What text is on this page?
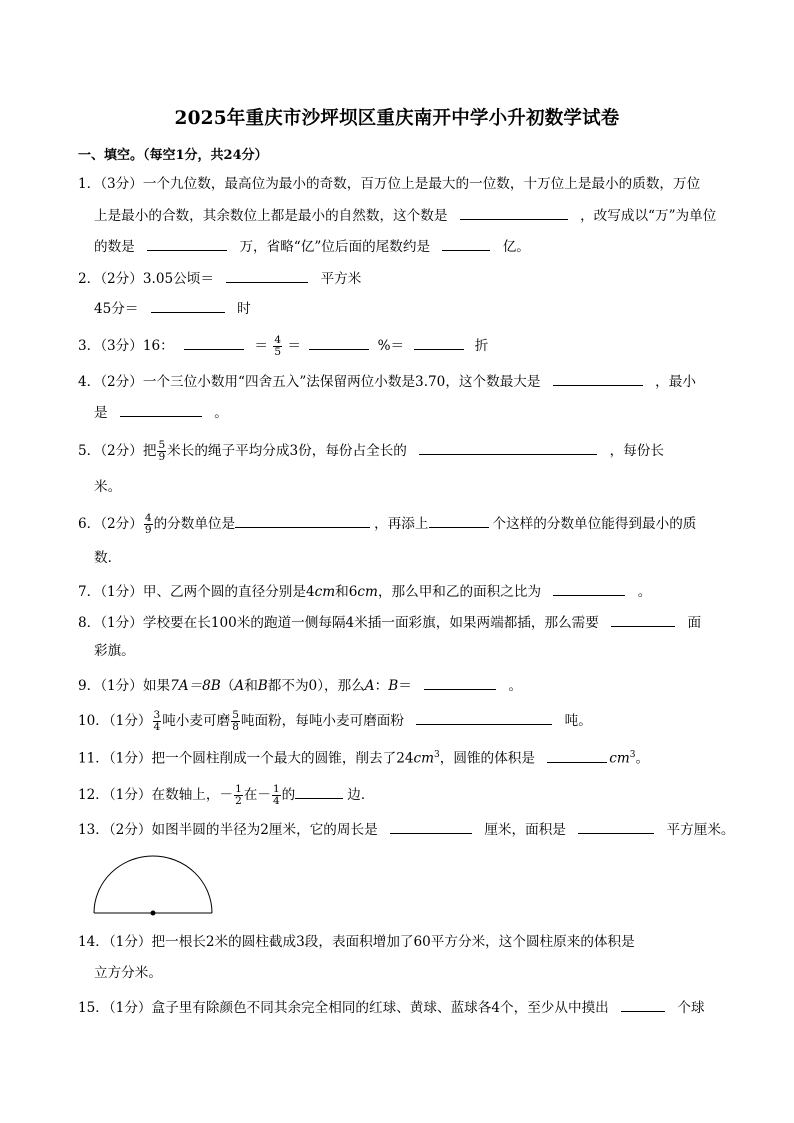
2025年重庆市沙坪坝区重庆南开中学小升初数学试卷
一、填空。（每空1分，共24分）
1．（3分）一个九位数，最高位为最小的奇数，百万位上是最大的一位数，十万位上是最小的质数，万位
上是最小的合数，其余数位上都是最小的自然数，这个数是	，改写成以“万”为单位
的数是	万，省略“亿”位后面的尾数约是	亿。
2．（2分）3.05公顷＝	平方米
45分＝	时
3．（3分）16：	＝ $\frac{4}{5}$ ＝	%＝	折
4．（2分）一个三位小数用“四舍五入”法保留两位小数是3.70，这个数最大是	，最小
是	。
5．（2分）把 $\frac{5}{9}$ 米长的绳子平均分成3份，每份占全长的	，每份长
米。
6．（2分） $\frac{4}{9}$ 的分数单位是	，再添上	个这样的分数单位能得到最小的质
数．
7．（1分）甲、乙两个圆的直径分别是4cm和6cm，那么甲和乙的面积之比为	。
8．（1分）学校要在长100米的跑道一侧每隔4米插一面彩旗，如果两端都插，那么需要	面
彩旗。
9．（1分）如果7A＝8B（A和B都不为0），那么A：B＝	。
10．（1分） $\frac{3}{4}$ 吨小麦可磨 $\frac{5}{8}$ 吨面粉，每吨小麦可磨面粉	吨。
11．（1分）把一个圆柱削成一个最大的圆锥，削去了$24cm^3$，圆锥的体积是	$cm^3$。
12．（1分）在数轴上，－ $\frac{1}{2}$ 在－ $\frac{1}{4}$ 的	边．
13．（2分）如图半圆的半径为2厘米，它的周长是	厘米，面积是	平方厘米。
14．（1分）把一根长2米的圆柱截成3段，表面积增加了60平方分米，这个圆柱原来的体积是
立方分米。
15．（1分）盒子里有除颜色不同其余完全相同的红球、黄球、蓝球各4个，至少从中摸出	个球
